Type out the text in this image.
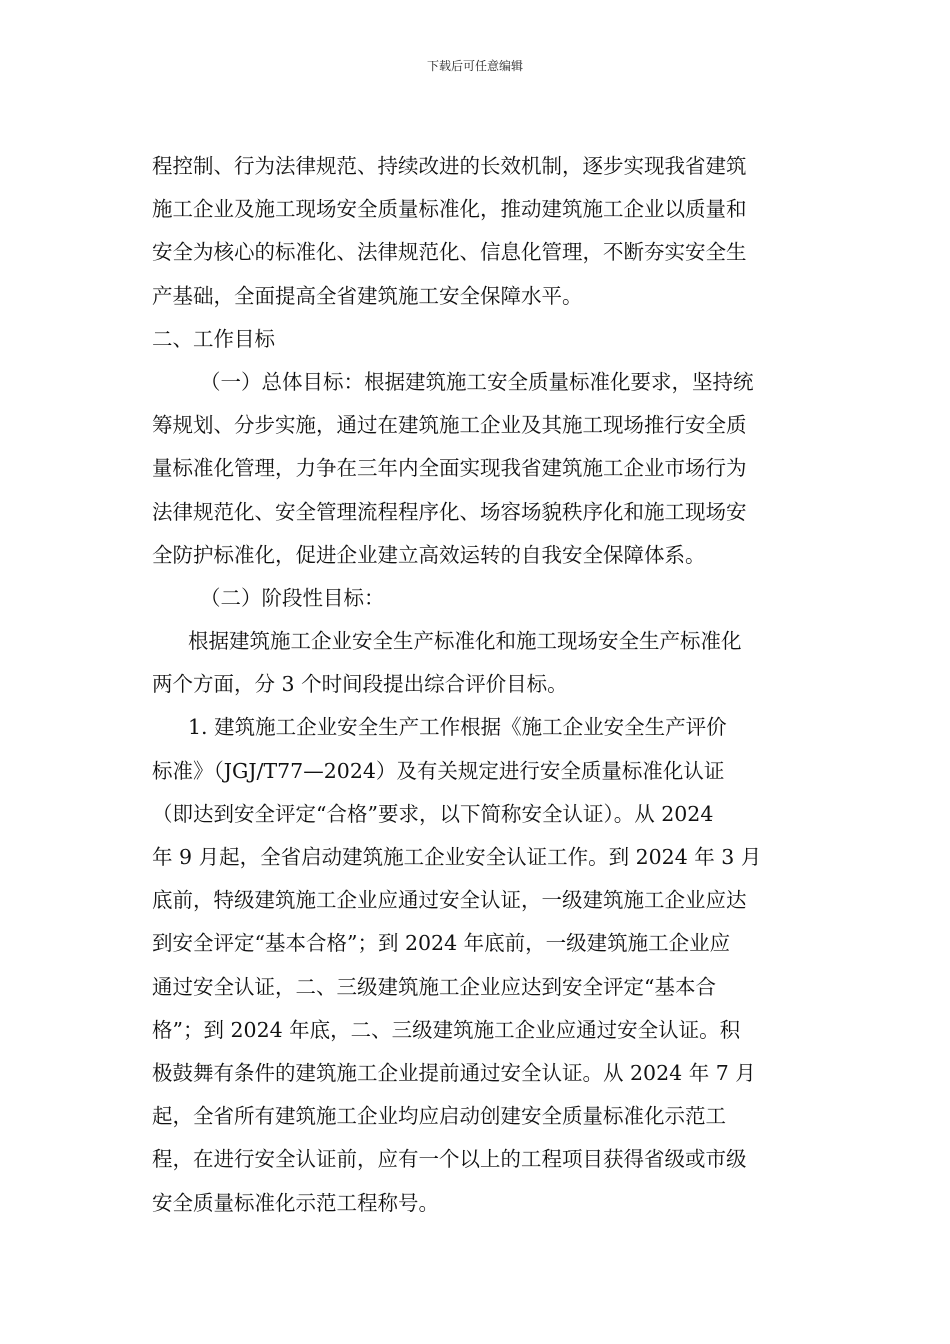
下载后可任意编辑
程控制、行为法律规范、持续改进的长效机制，逐步实现我省建筑
施工企业及施工现场安全质量标准化，推动建筑施工企业以质量和
安全为核心的标准化、法律规范化、信息化管理，不断夯实安全生
产基础，全面提高全省建筑施工安全保障水平。
二、工作目标
（一）总体目标：根据建筑施工安全质量标准化要求，坚持统
筹规划、分步实施，通过在建筑施工企业及其施工现场推行安全质
量标准化管理，力争在三年内全面实现我省建筑施工企业市场行为
法律规范化、安全管理流程程序化、场容场貌秩序化和施工现场安
全防护标准化，促进企业建立高效运转的自我安全保障体系。
（二）阶段性目标：
根据建筑施工企业安全生产标准化和施工现场安全生产标准化
两个方面，分 3 个时间段提出综合评价目标。
1. 建筑施工企业安全生产工作根据《施工企业安全生产评价
标准》（JGJ/T77—2024）及有关规定进行安全质量标准化认证
（即达到安全评定“合格”要求，以下简称安全认证）。从 2024
年 9 月起，全省启动建筑施工企业安全认证工作。到 2024 年 3 月
底前，特级建筑施工企业应通过安全认证，一级建筑施工企业应达
到安全评定“基本合格”；到 2024 年底前，一级建筑施工企业应
通过安全认证，二、三级建筑施工企业应达到安全评定“基本合
格”；到 2024 年底，二、三级建筑施工企业应通过安全认证。积
极鼓舞有条件的建筑施工企业提前通过安全认证。从 2024 年 7 月
起，全省所有建筑施工企业均应启动创建安全质量标准化示范工
程，在进行安全认证前，应有一个以上的工程项目获得省级或市级
安全质量标准化示范工程称号。
